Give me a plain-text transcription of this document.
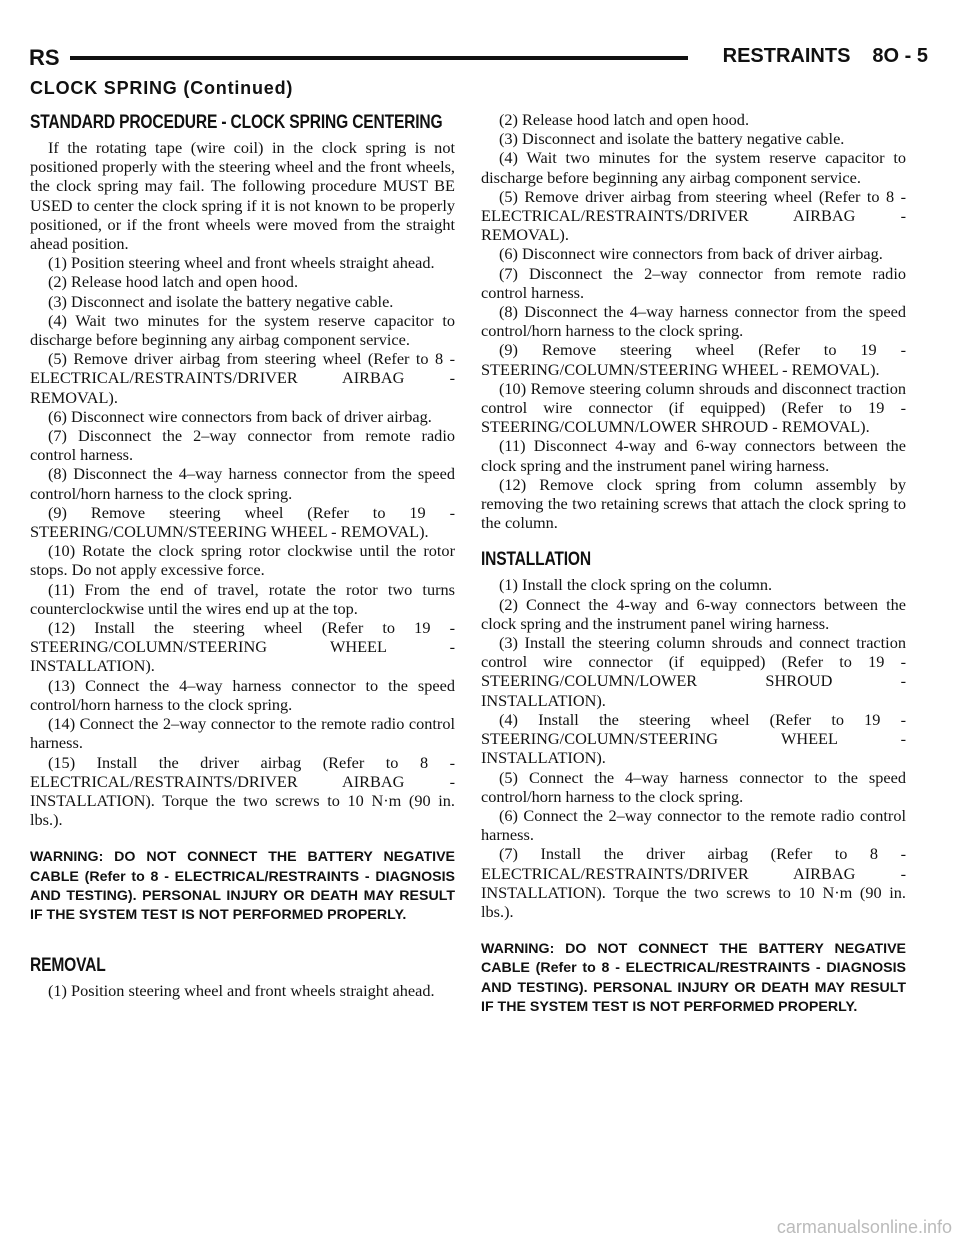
RS	RESTRAINTS 8O - 5
CLOCK SPRING (Continued)
STANDARD PROCEDURE - CLOCK SPRING CENTERING

If the rotating tape (wire coil) in the clock spring is not positioned properly with the steering wheel and the front wheels, the clock spring may fail. The following procedure MUST BE USED to center the clock spring if it is not known to be properly positioned, or if the front wheels were moved from the straight ahead position.

(1) Position steering wheel and front wheels straight ahead.

(2) Release hood latch and open hood.

(3) Disconnect and isolate the battery negative cable.

(4) Wait two minutes for the system reserve capacitor to discharge before beginning any airbag component service.

(5) Remove driver airbag from steering wheel (Refer to 8 - ELECTRICAL/RESTRAINTS/DRIVER AIRBAG - REMOVAL).

(6) Disconnect wire connectors from back of driver airbag.

(7) Disconnect the 2–way connector from remote radio control harness.

(8) Disconnect the 4–way harness connector from the speed control/horn harness to the clock spring.

(9) Remove steering wheel (Refer to 19 - STEERING/COLUMN/STEERING WHEEL - REMOVAL).

(10) Rotate the clock spring rotor clockwise until the rotor stops. Do not apply excessive force.

(11) From the end of travel, rotate the rotor two turns counterclockwise until the wires end up at the top.

(12) Install the steering wheel (Refer to 19 - STEERING/COLUMN/STEERING WHEEL - INSTALLATION).

(13) Connect the 4–way harness connector to the speed control/horn harness to the clock spring.

(14) Connect the 2–way connector to the remote radio control harness.

(15) Install the driver airbag (Refer to 8 - ELECTRICAL/RESTRAINTS/DRIVER AIRBAG - INSTALLATION). Torque the two screws to 10 N·m (90 in. lbs.).

WARNING: DO NOT CONNECT THE BATTERY NEGATIVE CABLE (Refer to 8 - ELECTRICAL/RESTRAINTS - DIAGNOSIS AND TESTING). PERSONAL INJURY OR DEATH MAY RESULT IF THE SYSTEM TEST IS NOT PERFORMED PROPERLY.
REMOVAL

(1) Position steering wheel and front wheels straight ahead.

(2) Release hood latch and open hood.

(3) Disconnect and isolate the battery negative cable.

(4) Wait two minutes for the system reserve capacitor to discharge before beginning any airbag component service.

(5) Remove driver airbag from steering wheel (Refer to 8 - ELECTRICAL/RESTRAINTS/DRIVER AIRBAG - REMOVAL).

(6) Disconnect wire connectors from back of driver airbag.

(7) Disconnect the 2–way connector from remote radio control harness.

(8) Disconnect the 4–way harness connector from the speed control/horn harness to the clock spring.

(9) Remove steering wheel (Refer to 19 - STEERING/COLUMN/STEERING WHEEL - REMOVAL).

(10) Remove steering column shrouds and disconnect traction control wire connector (if equipped) (Refer to 19 - STEERING/COLUMN/LOWER SHROUD - REMOVAL).

(11) Disconnect 4-way and 6-way connectors between the clock spring and the instrument panel wiring harness.

(12) Remove clock spring from column assembly by removing the two retaining screws that attach the clock spring to the column.

INSTALLATION

(1) Install the clock spring on the column.

(2) Connect the 4-way and 6-way connectors between the clock spring and the instrument panel wiring harness.

(3) Install the steering column shrouds and connect traction control wire connector (if equipped) (Refer to 19 - STEERING/COLUMN/LOWER SHROUD - INSTALLATION).

(4) Install the steering wheel (Refer to 19 - STEERING/COLUMN/STEERING WHEEL - INSTALLATION).

(5) Connect the 4–way harness connector to the speed control/horn harness to the clock spring.

(6) Connect the 2–way connector to the remote radio control harness.

(7) Install the driver airbag (Refer to 8 - ELECTRICAL/RESTRAINTS/DRIVER AIRBAG - INSTALLATION). Torque the two screws to 10 N·m (90 in. lbs.).

WARNING: DO NOT CONNECT THE BATTERY NEGATIVE CABLE (Refer to 8 - ELECTRICAL/RESTRAINTS - DIAGNOSIS AND TESTING). PERSONAL INJURY OR DEATH MAY RESULT IF THE SYSTEM TEST IS NOT PERFORMED PROPERLY.
carmanualsonline.info
